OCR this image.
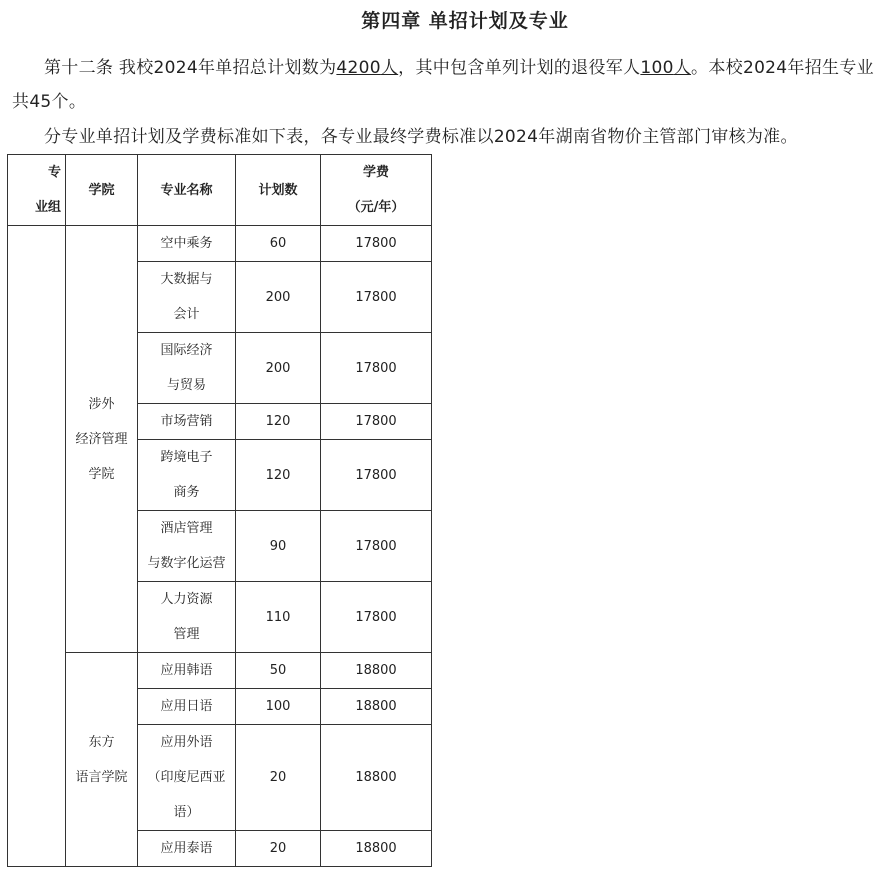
第四章 单招计划及专业
第十二条 我校2024年单招总计划数为4200人，其中包含单列计划的退役军人100人。本校2024年招生专业共45个。
分专业单招计划及学费标准如下表，各专业最终学费标准以2024年湖南省物价主管部门审核为准。
专
业组	学院	专业名称	计划数	学费
（元/年）
	涉外
经济管理
学院	空中乘务	60	17800
		大数据与
会计	200	17800
		国际经济
与贸易	200	17800
		市场营销	120	17800
		跨境电子
商务	120	17800
		酒店管理
与数字化运营	90	17800
		人力资源
管理	110	17800
	东方
语言学院	应用韩语	50	18800
		应用日语	100	18800
		应用外语
（印度尼西亚
语）	20	18800
		应用泰语	20	18800
